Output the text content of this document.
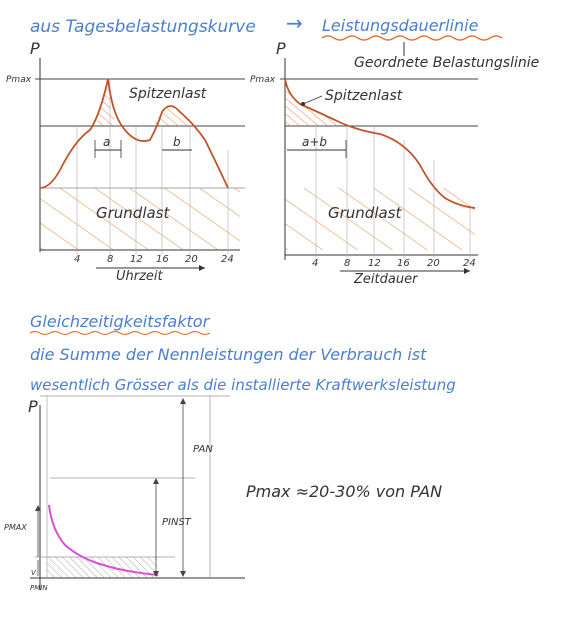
aus Tagesbelastungskurve → Leistungsdauerlinie
Geordnete Belastungslinie
a	b
P
Pmax
Spitzenlast
Grundlast
4	8 12 16 20 24
Uhrzeit
a+b
P
Pmax
Spitzenlast
Grundlast
4	8 12 16 20 24
Zeitdauer
Gleichzeitigkeitsfaktor
die Summe der Nennleistungen der Verbrauch ist
wesentlich Grösser als die installierte Kraftwerksleistung
P
PAN
PINST
PMAX
V
PMIN
Pmax ≈20-30% von PAN
